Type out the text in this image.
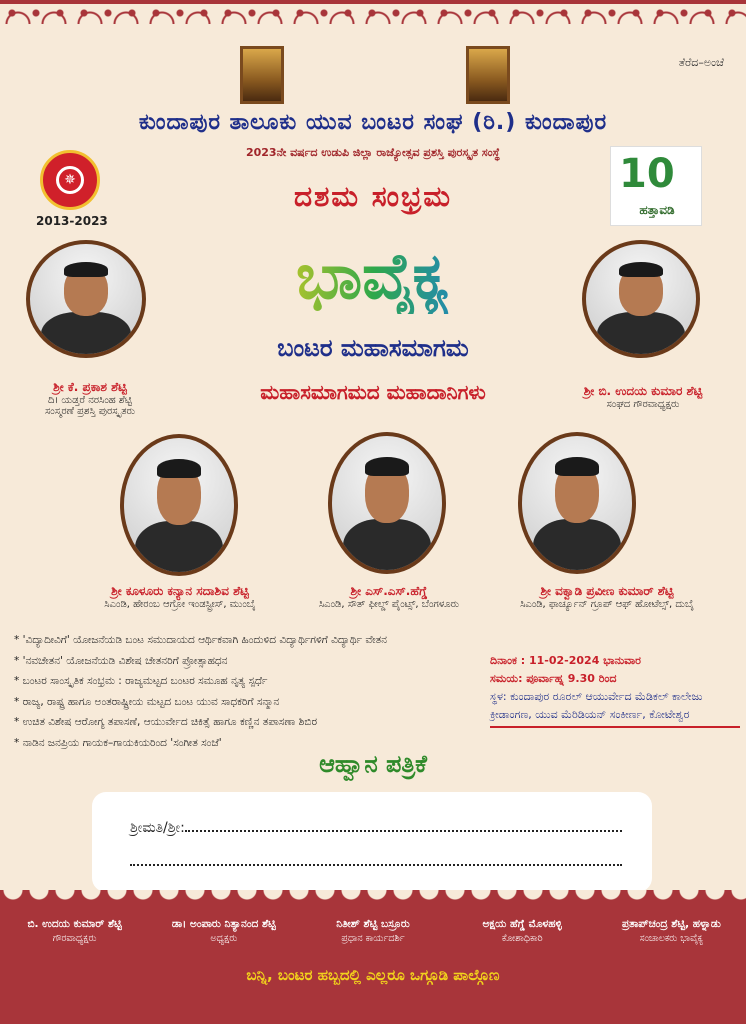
ತೆರೆದ–ಅಂಚೆ
ಕುಂದಾಪುರ ತಾಲೂಕು ಯುವ ಬಂಟರ ಸಂಘ (ರಿ.) ಕುಂದಾಪುರ
2023ನೇ ವರ್ಷದ ಉಡುಪಿ ಜಿಲ್ಲಾ ರಾಜ್ಯೋತ್ಸವ ಪ್ರಶಸ್ತಿ ಪುರಸ್ಕೃತ ಸಂಸ್ಥೆ
✵
2013-2023
10
ಹತ್ತಾವಡಿ
ದಶಮ ಸಂಭ್ರಮ
ಭಾವೈಕ್ಯ
ಬಂಟರ ಮಹಾಸಮಾಗಮ
ಮಹಾಸಮಾಗಮದ ಮಹಾದಾನಿಗಳು
ಶ್ರೀ ಕೆ. ಪ್ರಕಾಶ ಶೆಟ್ಟಿ
ದಿ। ಯಡ್ತರೆ ನರಸಿಂಹ ಶೆಟ್ಟಿ
ಸಂಸ್ಮರಣೆ ಪ್ರಶಸ್ತಿ ಪುರಸ್ಕೃತರು
ಶ್ರೀ ಬಿ. ಉದಯ ಕುಮಾರ ಶೆಟ್ಟಿ
ಸಂಘದ ಗೌರವಾಧ್ಯಕ್ಷರು
ಶ್ರೀ ಕೂಳೂರು ಕನ್ಯಾನ ಸದಾಶಿವ ಶೆಟ್ಟಿ
ಸಿಎಂಡಿ, ಹೇರಂಬ ಆಗ್ರೋ ಇಂಡಸ್ಟ್ರೀಸ್, ಮುಂಬೈ
ಶ್ರೀ ಎಸ್.ಎಸ್.ಹೆಗ್ಡೆ
ಸಿಎಂಡಿ, ಸೌತ್ ಫೀಲ್ಡ್ ಪೈಂಟ್ಸ್, ಬೆಂಗಳೂರು
ಶ್ರೀ ವಕ್ವಾಡಿ ಪ್ರವೀಣ ಕುಮಾರ್ ಶೆಟ್ಟಿ
ಸಿಎಂಡಿ, ಫಾರ್ಚ್ಯೂನ್ ಗ್ರೂಪ್ ಆಫ್ ಹೋಟೆಲ್ಸ್, ದುಬೈ
* 'ವಿದ್ಯಾದೀವಿಗೆ' ಯೋಜನೆಯಡಿ ಬಂಟ ಸಮುದಾಯದ ಆರ್ಥಿಕವಾಗಿ ಹಿಂದುಳಿದ ವಿದ್ಯಾರ್ಥಿಗಳಿಗೆ ವಿದ್ಯಾರ್ಥಿ ವೇತನ
* 'ನವಚೇತನ' ಯೋಜನೆಯಡಿ ವಿಶೇಷ ಚೇತನರಿಗೆ ಪ್ರೋತ್ಸಾಹಧನ
* ಬಂಟರ ಸಾಂಸ್ಕೃತಿಕ ಸಂಭ್ರಮ : ರಾಜ್ಯಮಟ್ಟದ ಬಂಟರ ಸಮೂಹ ನೃತ್ಯ ಸ್ಪರ್ಧೆ
* ರಾಜ್ಯ, ರಾಷ್ಟ್ರ ಹಾಗೂ ಅಂತರಾಷ್ಟ್ರೀಯ ಮಟ್ಟದ ಬಂಟ ಯುವ ಸಾಧಕರಿಗೆ ಸನ್ಮಾನ
* ಉಚಿತ ವಿಶೇಷ ಆರೋಗ್ಯ ತಪಾಸಣೆ, ಆಯುರ್ವೇದ ಚಿಕಿತ್ಸೆ ಹಾಗೂ ಕಣ್ಣಿನ ತಪಾಸಣಾ ಶಿಬಿರ
* ನಾಡಿನ ಜನಪ್ರಿಯ ಗಾಯಕ–ಗಾಯಕಿಯರಿಂದ 'ಸಂಗೀತ ಸಂಜೆ'
ದಿನಾಂಕ : 11-02-2024 ಭಾನುವಾರ
ಸಮಯ: ಪೂರ್ವಾಹ್ನ 9.30 ರಿಂದ
ಸ್ಥಳ: ಕುಂದಾಪುರ ರೂರಲ್ ಆಯುರ್ವೇದ ಮೆಡಿಕಲ್ ಕಾಲೇಜು
ಕ್ರೀಡಾಂಗಣ, ಯುವ ಮೆರಿಡಿಯನ್ ಸಂಕೀರ್ಣ, ಕೋಟೇಶ್ವರ
ಆಹ್ವಾನ ಪತ್ರಿಕೆ
ಶ್ರೀಮತಿ/ಶ್ರೀ:
ಬಿ. ಉದಯ ಕುಮಾರ್ ಶೆಟ್ಟಿ
ಗೌರವಾಧ್ಯಕ್ಷರು
ಡಾ। ಅಂಪಾರು ನಿತ್ಯಾನಂದ ಶೆಟ್ಟಿ
ಅಧ್ಯಕ್ಷರು
ನಿತೀಶ್ ಶೆಟ್ಟಿ ಬಸ್ರೂರು
ಪ್ರಧಾನ ಕಾರ್ಯದರ್ಶಿ
ಅಕ್ಷಯ ಹೆಗ್ಡೆ ಮೊಳಹಳ್ಳಿ
ಕೋಶಾಧಿಕಾರಿ
ಪ್ರತಾಪ್‌ಚಂದ್ರ ಶೆಟ್ಟಿ, ಹಳ್ನಾಡು
ಸಂಚಾಲಕರು ಭಾವೈಕ್ಯ
ಬನ್ನಿ, ಬಂಟರ ಹಬ್ಬದಲ್ಲಿ ಎಲ್ಲರೂ ಒಗ್ಗೂಡಿ ಪಾಲ್ಗೊಣ
